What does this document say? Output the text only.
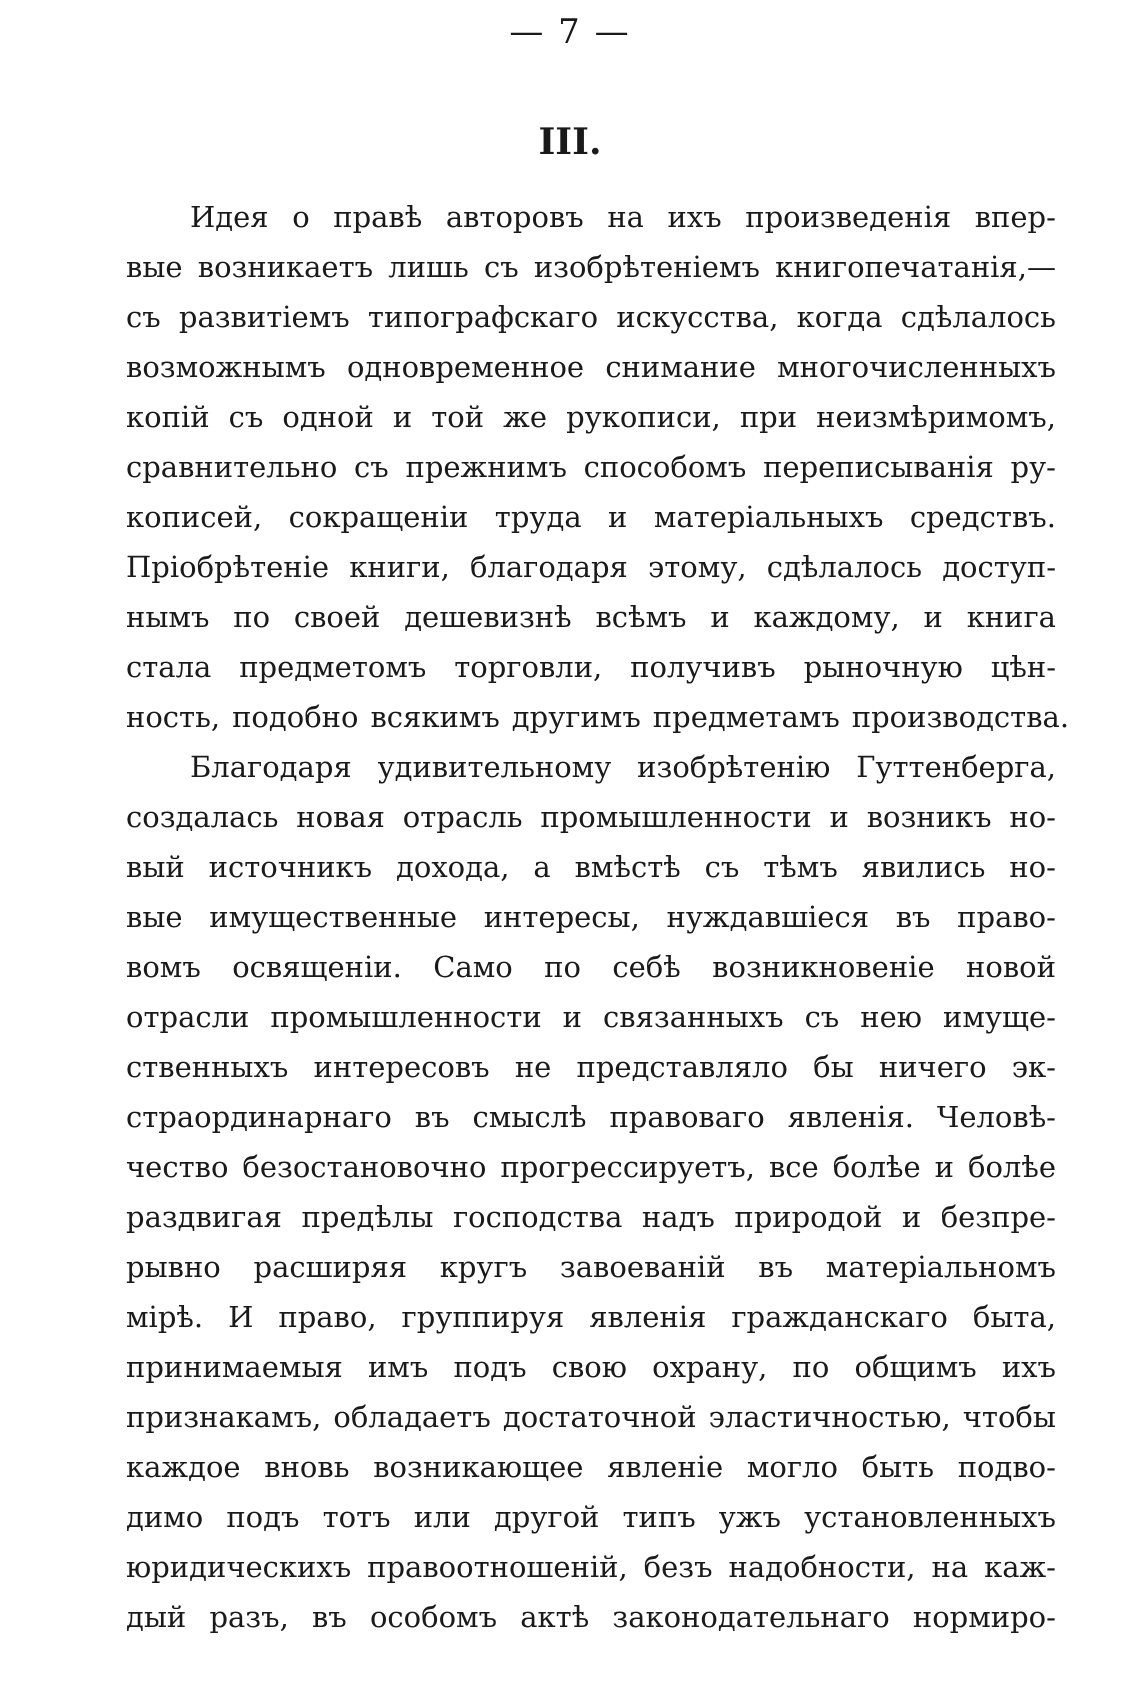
— 7 —
III.
Идея о правѣ авторовъ на ихъ произведенія впер-
вые возникаетъ лишь съ изобрѣтеніемъ книгопечатанія,—
съ развитіемъ типографскаго искусства, когда сдѣлалось
возможнымъ одновременное снимание многочисленныхъ
копій съ одной и той же рукописи, при неизмѣримомъ,
сравнительно съ прежнимъ способомъ переписыванія ру-
кописей, сокращеніи труда и матеріальныхъ средствъ.
Пріобрѣтеніе книги, благодаря этому, сдѣлалось доступ-
нымъ по своей дешевизнѣ всѣмъ и каждому, и книга
стала предметомъ торговли, получивъ рыночную цѣн-
ность, подобно всякимъ другимъ предметамъ производства.
Благодаря удивительному изобрѣтенію Гуттенберга,
создалась новая отрасль промышленности и возникъ но-
вый источникъ дохода, а вмѣстѣ съ тѣмъ явились но-
вые имущественные интересы, нуждавшіеся въ право-
вомъ освященіи. Само по себѣ возникновеніе новой
отрасли промышленности и связанныхъ съ нею имуще-
ственныхъ интересовъ не представляло бы ничего эк-
страординарнаго въ смыслѣ правоваго явленія. Человѣ-
чество безостановочно прогрессируетъ, все болѣе и болѣе
раздвигая предѣлы господства надъ природой и безпре-
рывно расширяя кругъ завоеваній въ матеріальномъ
мірѣ. И право, группируя явленія гражданскаго быта,
принимаемыя имъ подъ свою охрану, по общимъ ихъ
признакамъ, обладаетъ достаточной эластичностью, чтобы
каждое вновь возникающее явленіе могло быть подво-
димо подъ тотъ или другой типъ ужъ установленныхъ
юридическихъ правоотношеній, безъ надобности, на каж-
дый разъ, въ особомъ актѣ законодательнаго нормиро-
